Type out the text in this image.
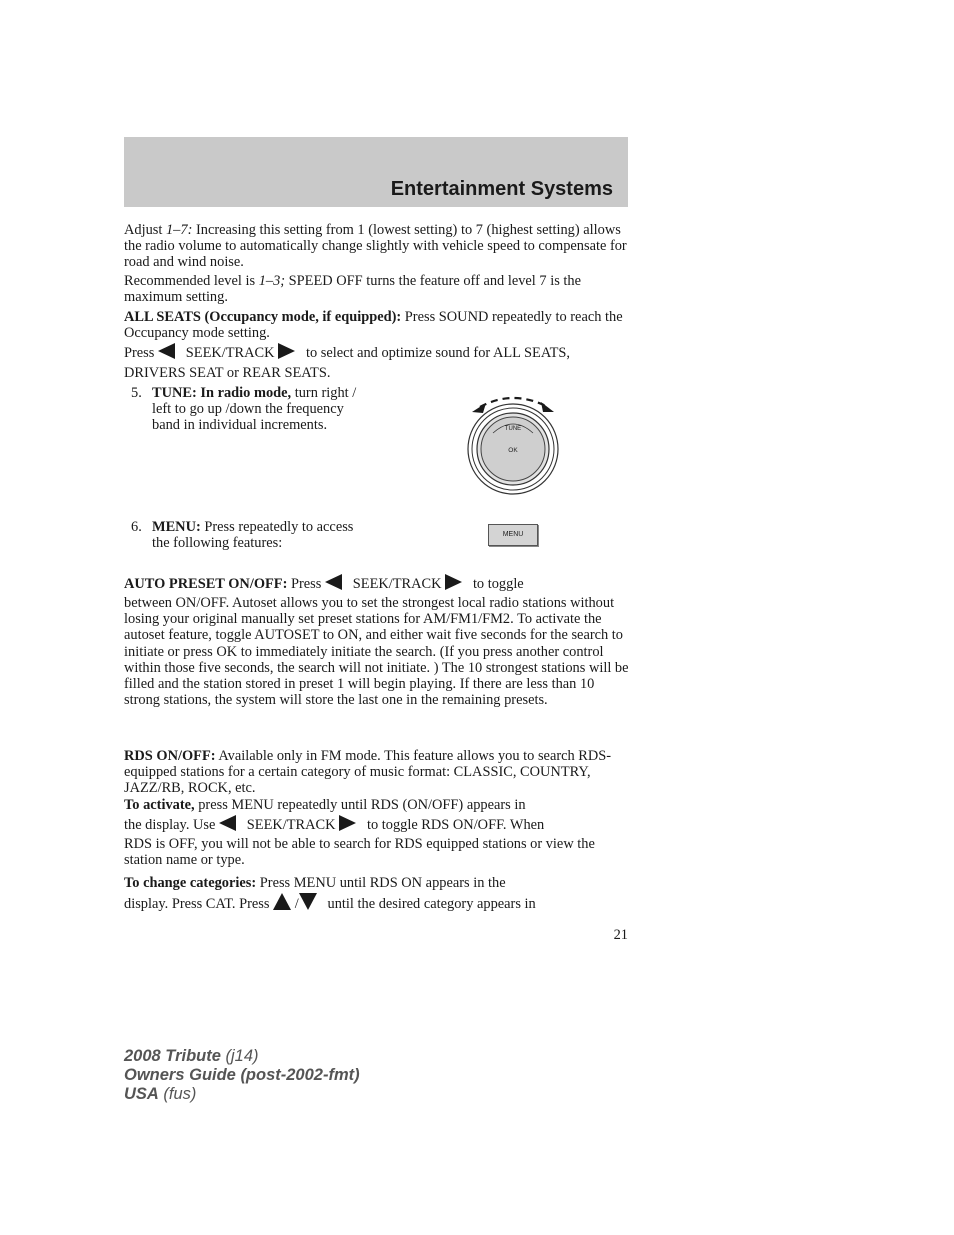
Entertainment Systems

Adjust 1–7: Increasing this setting from 1 (lowest setting) to 7 (highest setting) allows the radio volume to automatically change slightly with vehicle speed to compensate for road and wind noise.

Recommended level is 1–3; SPEED OFF turns the feature off and level 7 is the maximum setting.

ALL SEATS (Occupancy mode, if equipped): Press SOUND repeatedly to reach the Occupancy mode setting.

Press SEEK/TRACK to select and optimize sound for ALL SEATS, DRIVERS SEAT or REAR SEATS.

5. TUNE: In radio mode, turn right / left to go up /down the frequency band in individual increments.	TUNE
OK
6. MENU: Press repeatedly to access the following features:
MENU

AUTO PRESET ON/OFF: Press SEEK/TRACK to toggle

between ON/OFF. Autoset allows you to set the strongest local radio stations without losing your original manually set preset stations for AM/FM1/FM2. To activate the autoset feature, toggle AUTOSET to ON, and either wait five seconds for the search to initiate or press OK to immediately initiate the search. (If you press another control within those five seconds, the search will not initiate. ) The 10 strongest stations will be filled and the station stored in preset 1 will begin playing. If there are less than 10 strong stations, the system will store the last one in the remaining presets.

RDS ON/OFF: Available only in FM mode. This feature allows you to search RDS-equipped stations for a certain category of music format: CLASSIC, COUNTRY, JAZZ/RB, ROCK, etc.

To activate, press MENU repeatedly until RDS (ON/OFF) appears in

the display. Use SEEK/TRACK to toggle RDS ON/OFF. When

RDS is OFF, you will not be able to search for RDS equipped stations or view the station name or type.

To change categories: Press MENU until RDS ON appears in the

display. Press CAT. Press / until the desired category appears in

21
2008 Tribute (j14)
Owners Guide (post-2002-fmt)
USA (fus)
